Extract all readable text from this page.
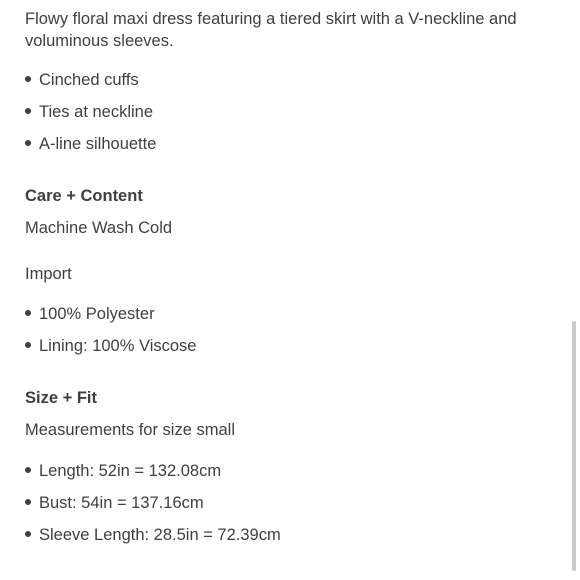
Flowy floral maxi dress featuring a tiered skirt with a V-neckline and voluminous sleeves.

Cinched cuffs
Ties at neckline
A-line silhouette
Care + Content

Machine Wash Cold

Import

100% Polyester
Lining: 100% Viscose
Size + Fit

Measurements for size small

Length: 52in = 132.08cm
Bust: 54in = 137.16cm
Sleeve Length: 28.5in = 72.39cm
